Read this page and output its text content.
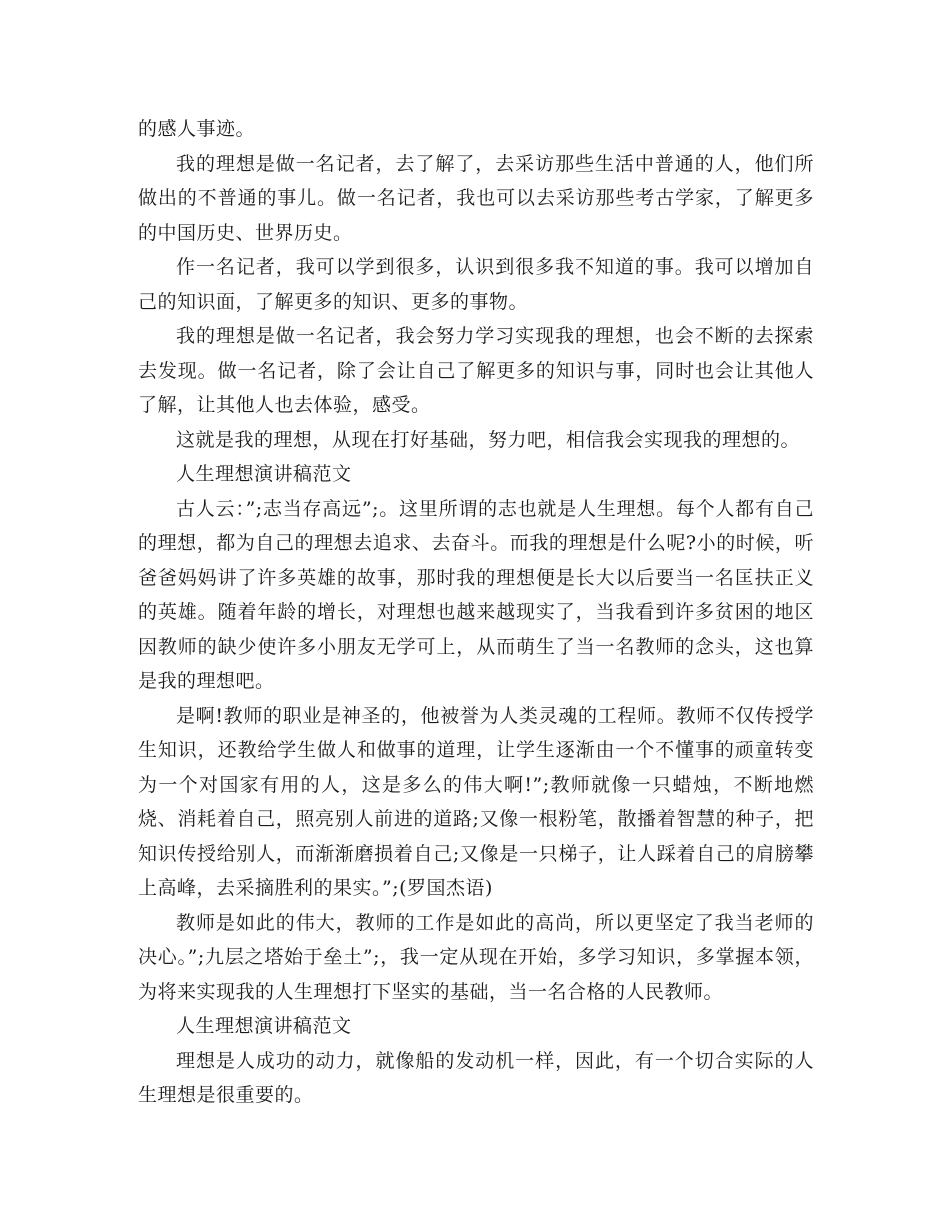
的感人事迹。

我的理想是做一名记者，去了解了，去采访那些生活中普通的人，他们所做出的不普通的事儿。做一名记者，我也可以去采访那些考古学家，了解更多的中国历史、世界历史。

作一名记者，我可以学到很多，认识到很多我不知道的事。我可以增加自己的知识面，了解更多的知识、更多的事物。

我的理想是做一名记者，我会努力学习实现我的理想，也会不断的去探索去发现。做一名记者，除了会让自己了解更多的知识与事，同时也会让其他人了解，让其他人也去体验，感受。

这就是我的理想，从现在打好基础，努力吧，相信我会实现我的理想的。

人生理想演讲稿范文

古人云：”;志当存高远”;。这里所谓的志也就是人生理想。每个人都有自己的理想，都为自己的理想去追求、去奋斗。而我的理想是什么呢?小的时候，听爸爸妈妈讲了许多英雄的故事，那时我的理想便是长大以后要当一名匡扶正义的英雄。随着年龄的增长，对理想也越来越现实了，当我看到许多贫困的地区因教师的缺少使许多小朋友无学可上，从而萌生了当一名教师的念头，这也算是我的理想吧。

是啊!教师的职业是神圣的，他被誉为人类灵魂的工程师。教师不仅传授学生知识，还教给学生做人和做事的道理，让学生逐渐由一个不懂事的顽童转变为一个对国家有用的人，这是多么的伟大啊!”;教师就像一只蜡烛，不断地燃烧、消耗着自己，照亮别人前进的道路;又像一根粉笔，散播着智慧的种子，把知识传授给别人，而渐渐磨损着自己;又像是一只梯子，让人踩着自己的肩膀攀上高峰，去采摘胜利的果实。”;(罗国杰语)

教师是如此的伟大，教师的工作是如此的高尚，所以更坚定了我当老师的决心。”;九层之塔始于垒土”;，我一定从现在开始，多学习知识，多掌握本领，为将来实现我的人生理想打下坚实的基础，当一名合格的人民教师。

人生理想演讲稿范文

理想是人成功的动力，就像船的发动机一样，因此，有一个切合实际的人生理想是很重要的。
